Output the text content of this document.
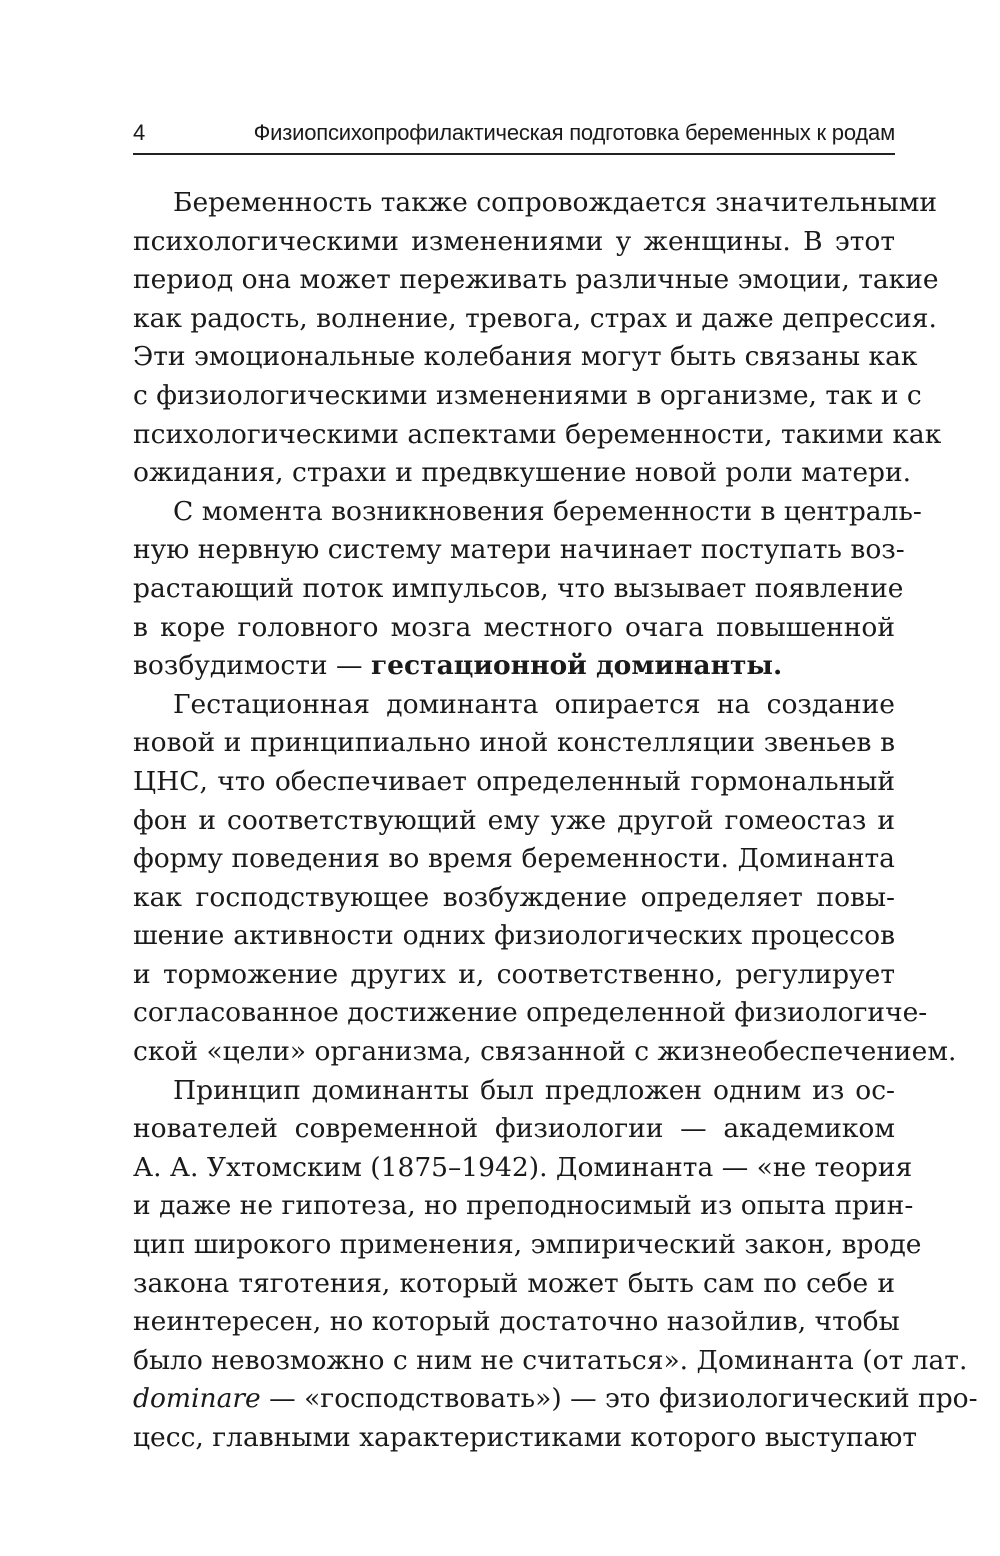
4	Физиопсихопрофилактическая подготовка беременных к родам
Беременность также сопровождается значительными
психологическими изменениями у женщины. В этот
период она может переживать различные эмоции, такие
как радость, волнение, тревога, страх и даже депрессия.
Эти эмоциональные колебания могут быть связаны как
с физиологическими изменениями в организме, так и с
психологическими аспектами беременности, такими как
ожидания, страхи и предвкушение новой роли матери.
С момента возникновения беременности в централь-
ную нервную систему матери начинает поступать воз-
растающий поток импульсов, что вызывает появление
в коре головного мозга местного очага повышенной
возбудимости — гестационной доминанты.
Гестационная доминанта опирается на создание
новой и принципиально иной констелляции звеньев в
ЦНС, что обеспечивает определенный гормональный
фон и соответствующий ему уже другой гомеостаз и
форму поведения во время беременности. Доминанта
как господствующее возбуждение определяет повы-
шение активности одних физиологических процессов
и торможение других и, соответственно, регулирует
согласованное достижение определенной физиологиче-
ской «цели» организма, связанной с жизнеобеспечением.
Принцип доминанты был предложен одним из ос-
нователей современной физиологии — академиком
А. А. Ухтомским (1875–1942). Доминанта — «не теория
и даже не гипотеза, но преподносимый из опыта прин-
цип широкого применения, эмпирический закон, вроде
закона тяготения, который может быть сам по себе и
неинтересен, но который достаточно назойлив, чтобы
было невозможно с ним не считаться». Доминанта (от лат.
dominare — «господствовать») — это физиологический про-
цесс, главными характеристиками которого выступают
